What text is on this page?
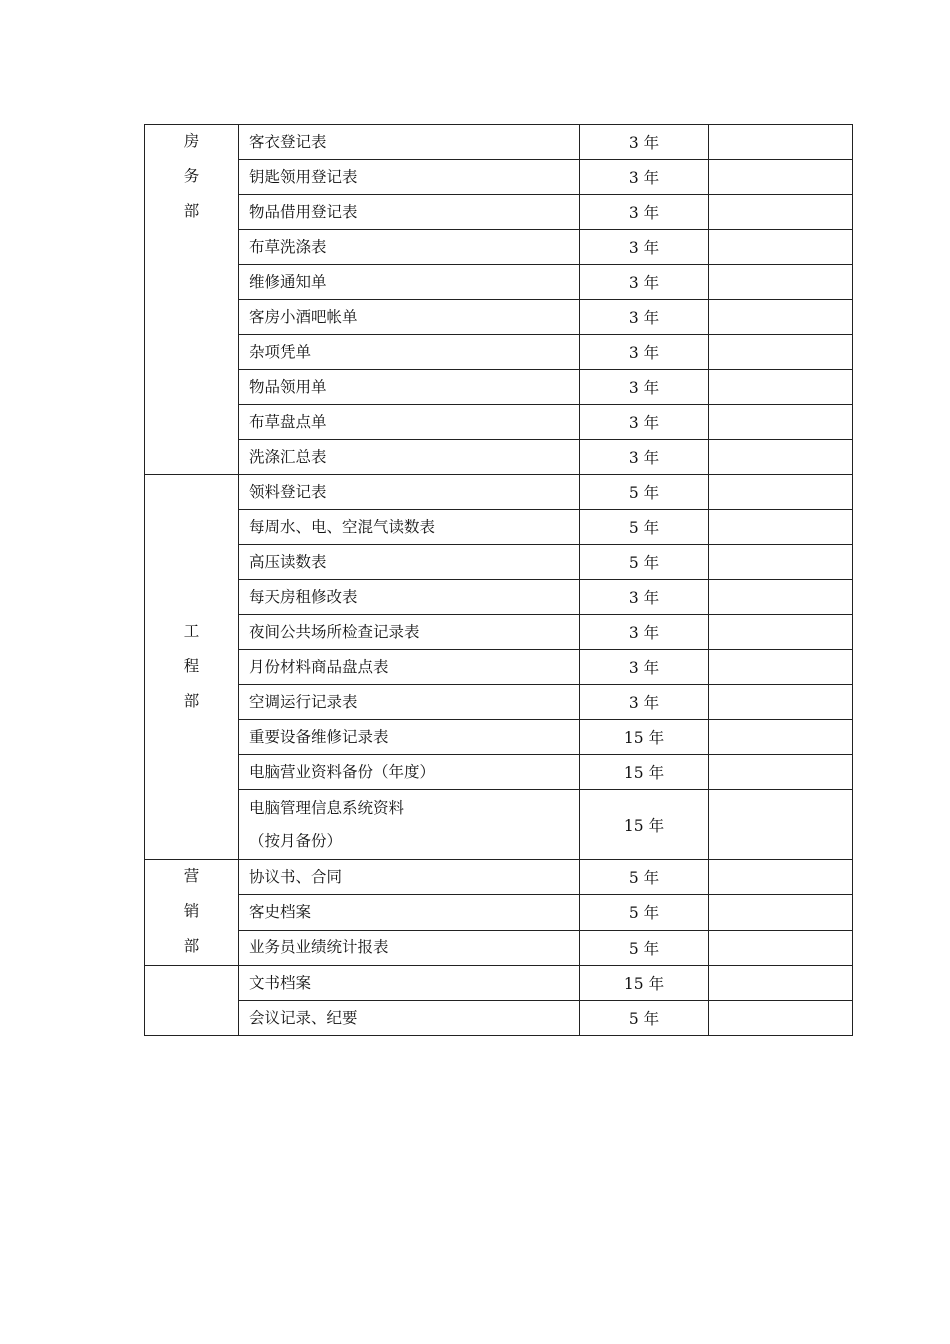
房
务
部	客衣登记表	3 年	

	钥匙领用登记表	3 年	

	物品借用登记表	3 年	

	布草洗涤表	3 年	

	维修通知单	3 年	

	客房小酒吧帐单	3 年	

	杂项凭单	3 年	

	物品领用单	3 年	

	布草盘点单	3 年	

	洗涤汇总表	3 年	

工
程
部	领料登记表	5 年	

	每周水、电、空混气读数表	5 年	

	高压读数表	5 年	

	每天房租修改表	3 年	

	夜间公共场所检查记录表	3 年	

	月份材料商品盘点表	3 年	

	空调运行记录表	3 年	

	重要设备维修记录表	15 年	

	电脑营业资料备份（年度）	15 年	

	电脑管理信息系统资料
（按月备份）	15 年	

营
销
部	协议书、合同	5 年	

	客史档案	5 年	

	业务员业绩统计报表	5 年	

	文书档案	15 年	

	会议记录、纪要	5 年	
